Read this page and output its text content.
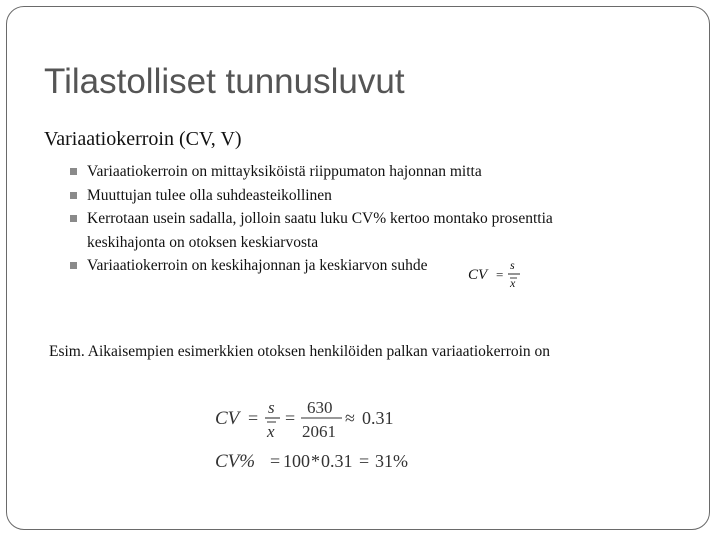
Tilastolliset tunnusluvut
Variaatiokerroin (CV, V)
Variaatiokerroin on mittayksiköistä riippumaton hajonnan mitta
Muuttujan tulee olla suhdeasteikollinen
Kerrotaan usein sadalla, jolloin saatu luku CV% kertoo montako prosenttia
keskihajonta on otoksen keskiarvosta
Variaatiokerroin on keskihajonnan ja keskiarvon suhde
CV =
s
x
Esim. Aikaisempien esimerkkien otoksen henkilöiden palkan variaatiokerroin on
CV =
s
x
=
630
2061
≈ 0.31
CV% = 100 * 0.31 = 31%
